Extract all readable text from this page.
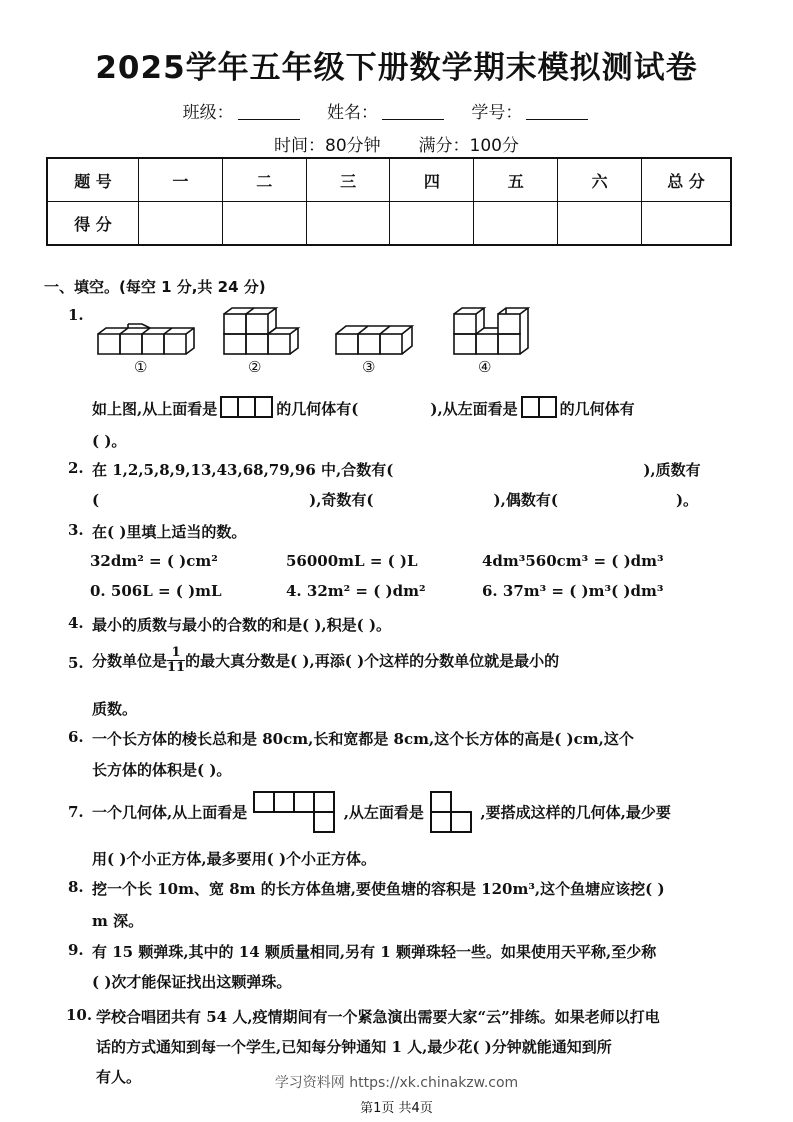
2025学年五年级下册数学期末模拟测试卷
班级：	姓名：	学号：
时间：80分钟 满分：100分
题 号	一	二	三	四	五	六	总 分
得 分							
一、填空。(每空 1 分,共 24 分)
1.
①	②	③	④
如上图,从上面看是	的几何体有(	),从左面看是	的几何体有
( )。
2. 在 1,2,5,8,9,13,43,68,79,96 中,合数有(	),质数有
(	),奇数有(	),偶数有(	)。
3. 在( )里填上适当的数。
32dm² = ( )cm²	56000mL = ( )L	4dm³560cm³ = ( )dm³
0. 506L = ( )mL	4. 32m² = ( )dm²	6. 37m³ = ( )m³( )dm³
4. 最小的质数与最小的合数的和是( ),积是( )。
5. 分数单位是 $\frac{1}{11}$ 的最大真分数是( ),再添( )个这样的分数单位就是最小的
质数。
6. 一个长方体的棱长总和是 80cm,长和宽都是 8cm,这个长方体的高是( )cm,这个
长方体的体积是( )。
7. 一个几何体,从上面看是	,从左面看是	,要搭成这样的几何体,最少要
用( )个小正方体,最多要用( )个小正方体。
8. 挖一个长 10m、宽 8m 的长方体鱼塘,要使鱼塘的容积是 120m³,这个鱼塘应该挖( )
m 深。
9. 有 15 颗弹珠,其中的 14 颗质量相同,另有 1 颗弹珠轻一些。如果使用天平称,至少称
( )次才能保证找出这颗弹珠。
10. 学校合唱团共有 54 人,疫情期间有一个紧急演出需要大家“云”排练。如果老师以打电
话的方式通知到每一个学生,已知每分钟通知 1 人,最少花( )分钟就能通知到所
有人。	学习资料网 https://xk.chinakzw.com
第1页 共4页
